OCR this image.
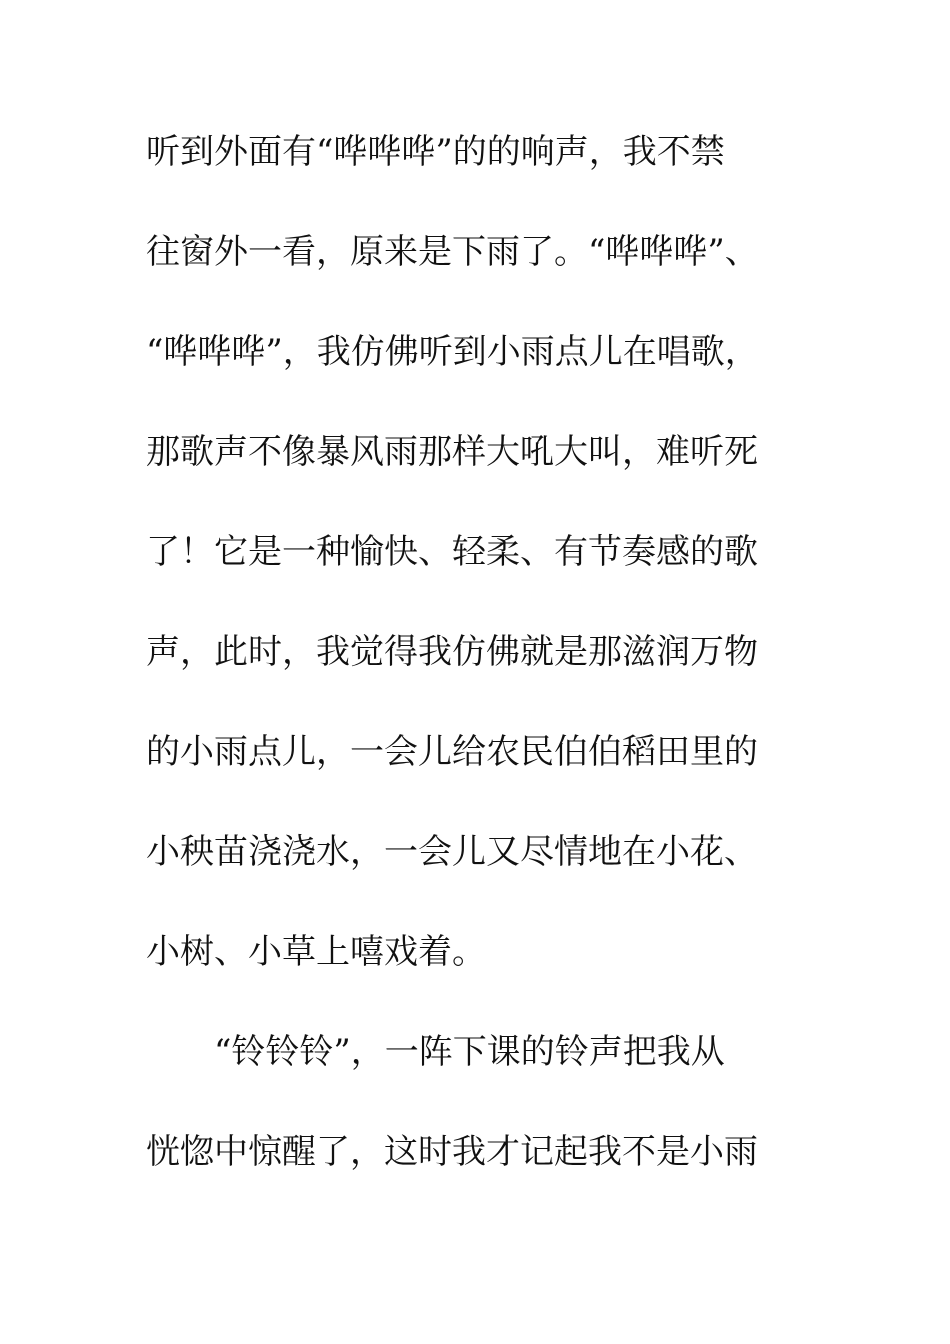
听到外面有“哗哗哗”的的响声，我不禁
往窗外一看，原来是下雨了。“哗哗哗”、
“哗哗哗”，我仿佛听到小雨点儿在唱歌，
那歌声不像暴风雨那样大吼大叫，难听死
了！它是一种愉快、轻柔、有节奏感的歌
声，此时，我觉得我仿佛就是那滋润万物
的小雨点儿，一会儿给农民伯伯稻田里的
小秧苗浇浇水，一会儿又尽情地在小花、
小树、小草上嘻戏着。
　　“铃铃铃”，一阵下课的铃声把我从
恍惚中惊醒了，这时我才记起我不是小雨
